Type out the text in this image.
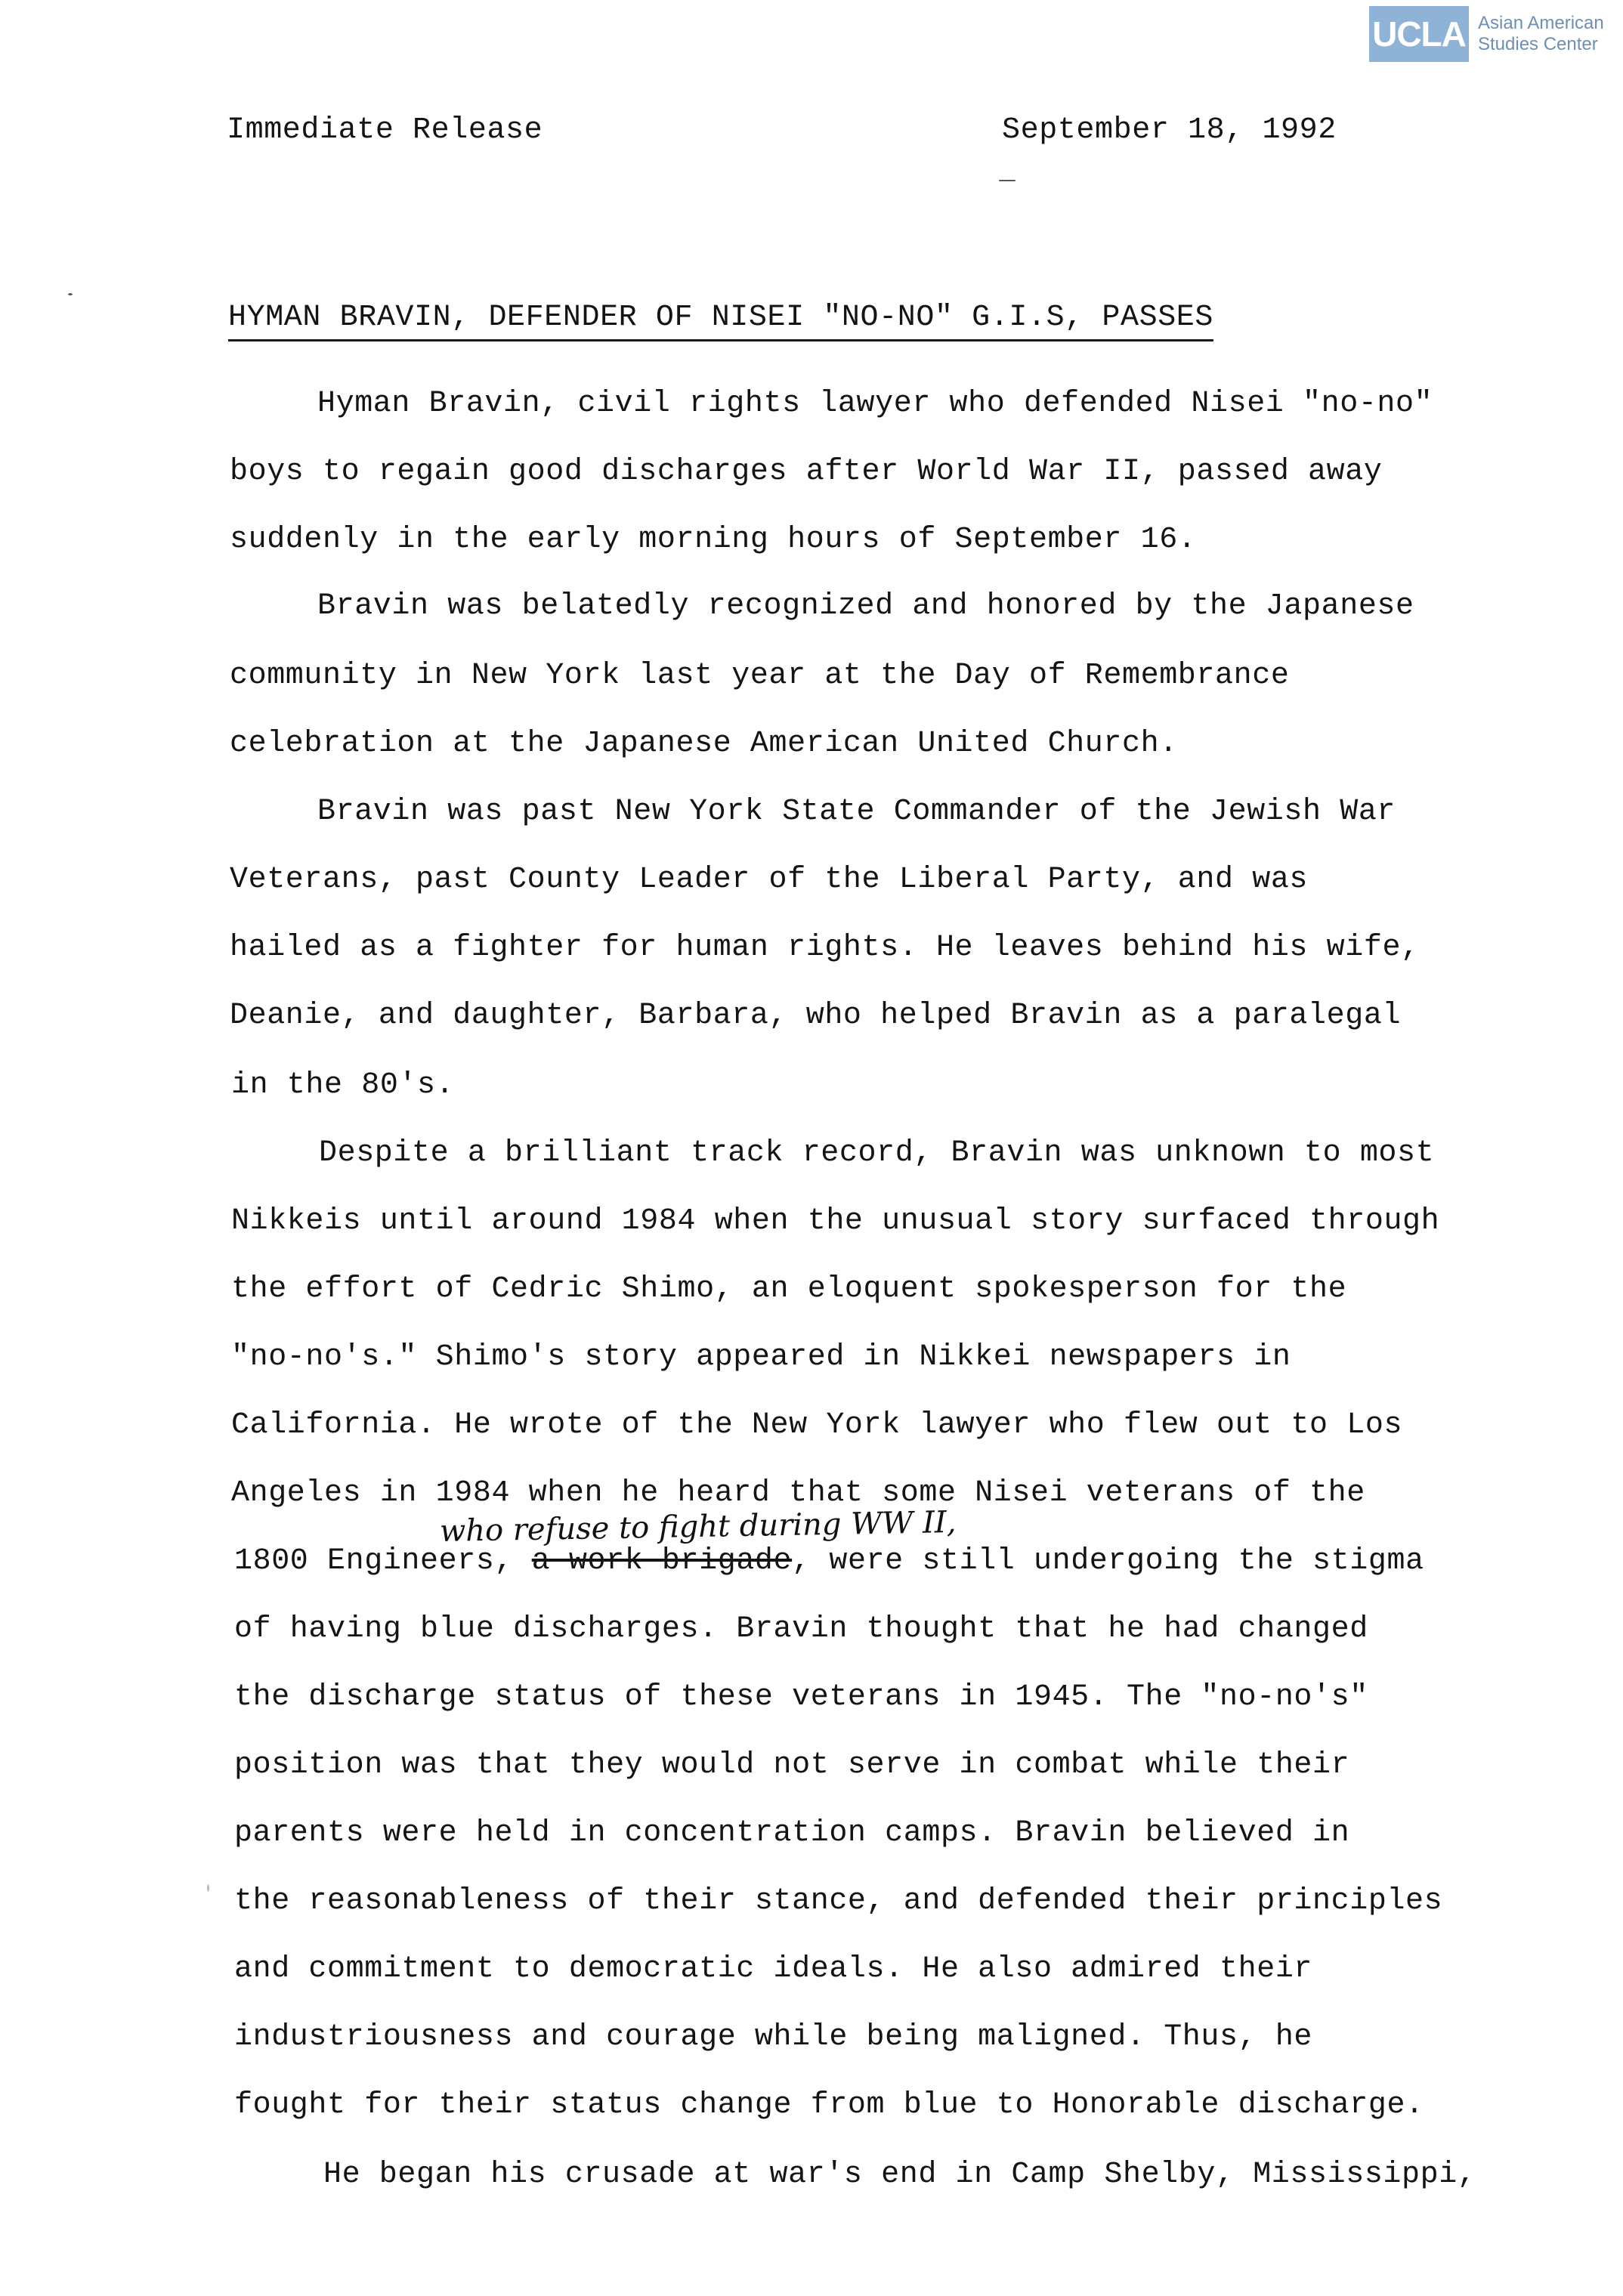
UCLA Asian American
Studies Center
Immediate Release	September 18, 1992
HYMAN BRAVIN, DEFENDER OF NISEI "NO-NO" G.I.S, PASSES
Hyman Bravin, civil rights lawyer who defended Nisei "no-no"
boys to regain good discharges after World War II, passed away
suddenly in the early morning hours of September 16.
Bravin was belatedly recognized and honored by the Japanese
community in New York last year at the Day of Remembrance
celebration at the Japanese American United Church.
Bravin was past New York State Commander of the Jewish War
Veterans, past County Leader of the Liberal Party, and was
hailed as a fighter for human rights. He leaves behind his wife,
Deanie, and daughter, Barbara, who helped Bravin as a paralegal
in the 80's.
Despite a brilliant track record, Bravin was unknown to most
Nikkeis until around 1984 when the unusual story surfaced through
the effort of Cedric Shimo, an eloquent spokesperson for the
"no-no's." Shimo's story appeared in Nikkei newspapers in
California. He wrote of the New York lawyer who flew out to Los
Angeles in 1984 when he heard that some Nisei veterans of the
who refuse to fight during WW II,
1800 Engineers, a work brigade, were still undergoing the stigma
of having blue discharges. Bravin thought that he had changed
the discharge status of these veterans in 1945. The "no-no's"
position was that they would not serve in combat while their
parents were held in concentration camps. Bravin believed in
the reasonableness of their stance, and defended their principles
and commitment to democratic ideals. He also admired their
industriousness and courage while being maligned. Thus, he
fought for their status change from blue to Honorable discharge.
He began his crusade at war's end in Camp Shelby, Mississippi,
